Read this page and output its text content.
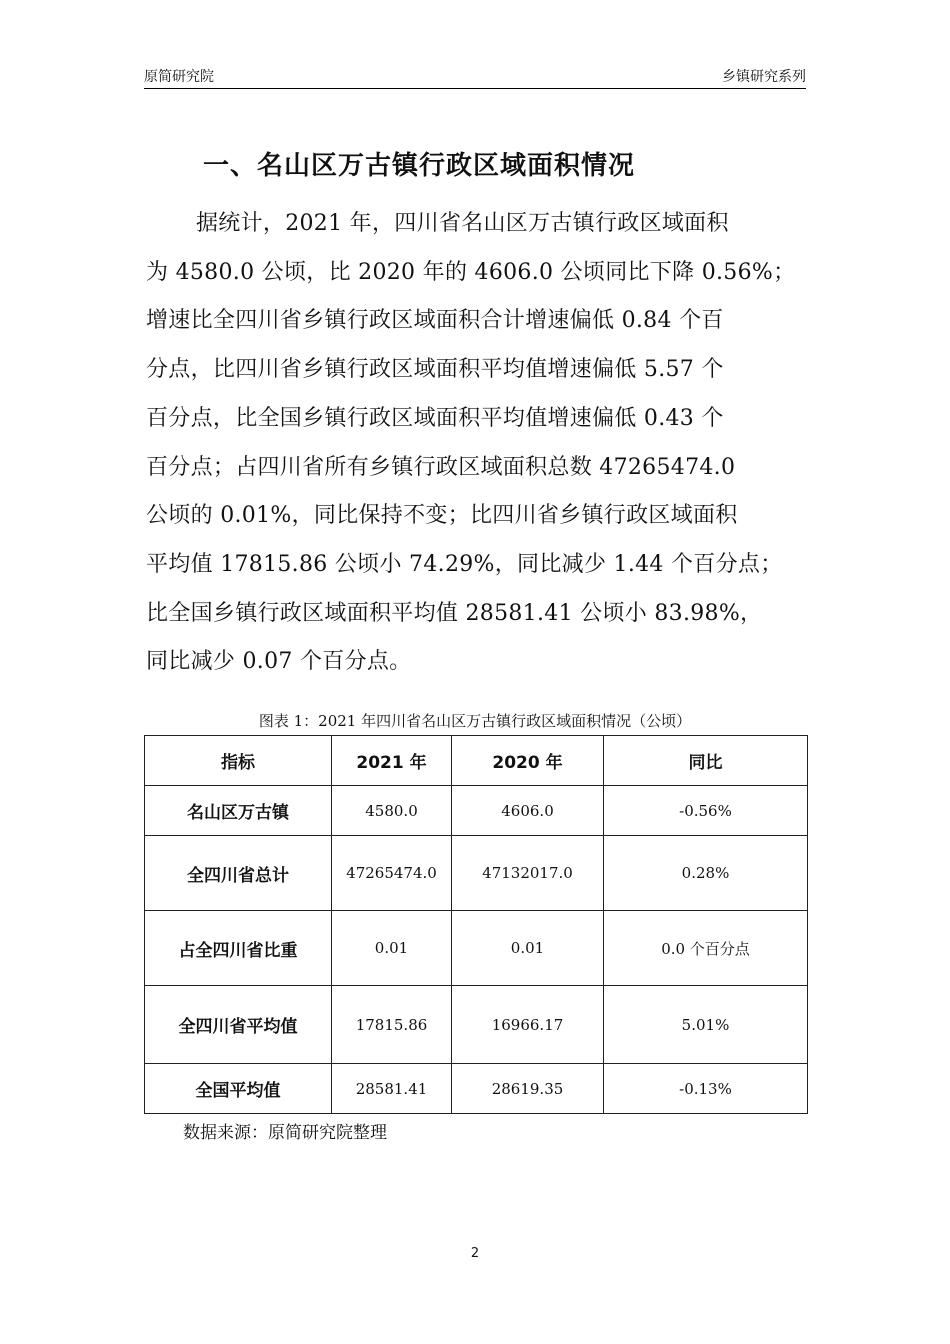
原简研究院	乡镇研究系列
一、名山区万古镇行政区域面积情况
据统计，2021 年，四川省名山区万古镇行政区域面积
为 4580.0 公顷，比 2020 年的 4606.0 公顷同比下降 0.56%；
增速比全四川省乡镇行政区域面积合计增速偏低 0.84 个百
分点，比四川省乡镇行政区域面积平均值增速偏低 5.57 个
百分点，比全国乡镇行政区域面积平均值增速偏低 0.43 个
百分点；占四川省所有乡镇行政区域面积总数 47265474.0
公顷的 0.01%，同比保持不变；比四川省乡镇行政区域面积
平均值 17815.86 公顷小 74.29%，同比减少 1.44 个百分点；
比全国乡镇行政区域面积平均值 28581.41 公顷小 83.98%，
同比减少 0.07 个百分点。
图表 1：2021 年四川省名山区万古镇行政区域面积情况（公顷）
指标	2021 年	2020 年	同比
名山区万古镇	4580.0	4606.0	-0.56%
全四川省总计	47265474.0	47132017.0	0.28%
占全四川省比重	0.01	0.01	0.0 个百分点
全四川省平均值	17815.86	16966.17	5.01%
全国平均值	28581.41	28619.35	-0.13%
数据来源：原简研究院整理
2
